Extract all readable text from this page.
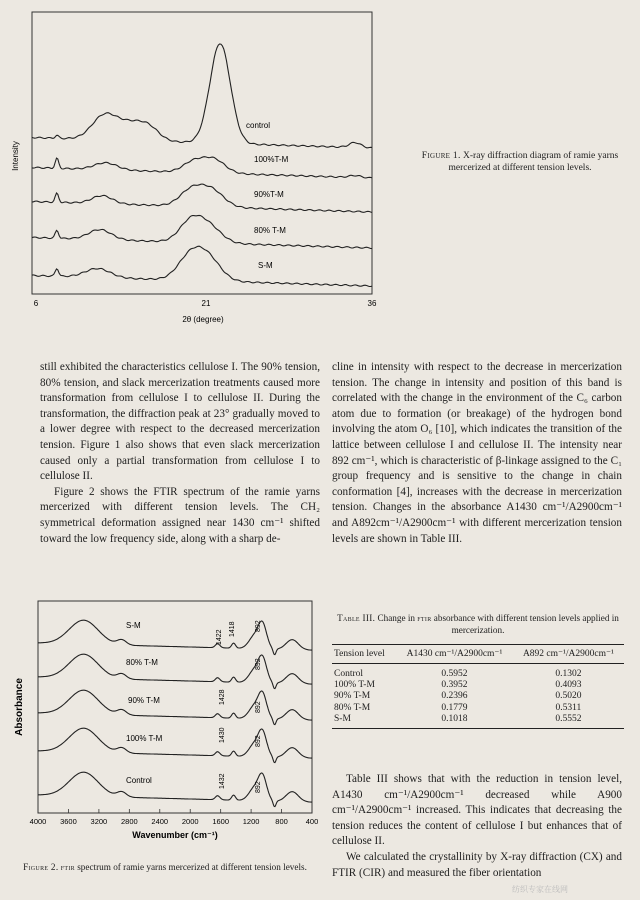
control
100%T-M
90%T-M
80% T-M
S-M
Intensity
6	21	36
2θ (degree)
Figure 1. X-ray diffraction diagram of ramie yarns mercerized at different tension levels.

still exhibited the characteristics cellulose I. The 90% tension, 80% tension, and slack mercerization treatments caused more transformation from cellulose I to cellulose II. During the transformation, the diffraction peak at 23° gradually moved to a lower degree with respect to the decreased mercerization tension. Figure 1 also shows that even slack mercerization caused only a partial transformation from cellulose I to cellulose II.

Figure 2 shows the FTIR spectrum of the ramie yarns mercerized with different tension levels. The CH₂ symmetrical deformation assigned near 1430 cm⁻¹ shifted toward the low frequency side, along with a sharp de-

cline in intensity with respect to the decrease in mercerization tension. The change in intensity and position of this band is correlated with the change in the environment of the C₆ carbon atom due to formation (or breakage) of the hydrogen bond involving the atom O₆ [10], which indicates the transition of the lattice between cellulose I and cellulose II. The intensity near 892 cm⁻¹, which is characteristic of β-linkage assigned to the C₁ group frequency and is sensitive to the change in chain conformation [4], increases with the decrease in mercerization tension. Changes in the absorbance A1430 cm⁻¹/A2900cm⁻¹ and A892cm⁻¹/A2900cm⁻¹ with different mercerization tension levels are shown in Table III.

4000 3600 3200 2800 2400 2000 1600 1200 800 400
S-M
80% T-M
90% T-M
100% T-M
Control
1422
1418	892
892
1428
892
1430	892
1432	892
Absorbance
Wavenumber (cm⁻¹)
Figure 2. ftir spectrum of ramie yarns mercerized at different tension levels.
Table III. Change in ftir absorbance with different tension levels applied in mercerization.
Tension level	A1430 cm⁻¹/A2900cm⁻¹	A892 cm⁻¹/A2900cm⁻¹
Control	0.5952	0.1302
100% T-M	0.3952	0.4093
90% T-M	0.2396	0.5020
80% T-M	0.1779	0.5311
S-M	0.1018	0.5552

Table III shows that with the reduction in tension level, A1430 cm⁻¹/A2900cm⁻¹ decreased while A900 cm⁻¹/A2900cm⁻¹ increased. This indicates that decreasing the tension reduces the content of cellulose I but enhances that of cellulose II.

We calculated the crystallinity by X-ray diffraction (CX) and FTIR (CIR) and measured the fiber orientation

纺织专家在线网
